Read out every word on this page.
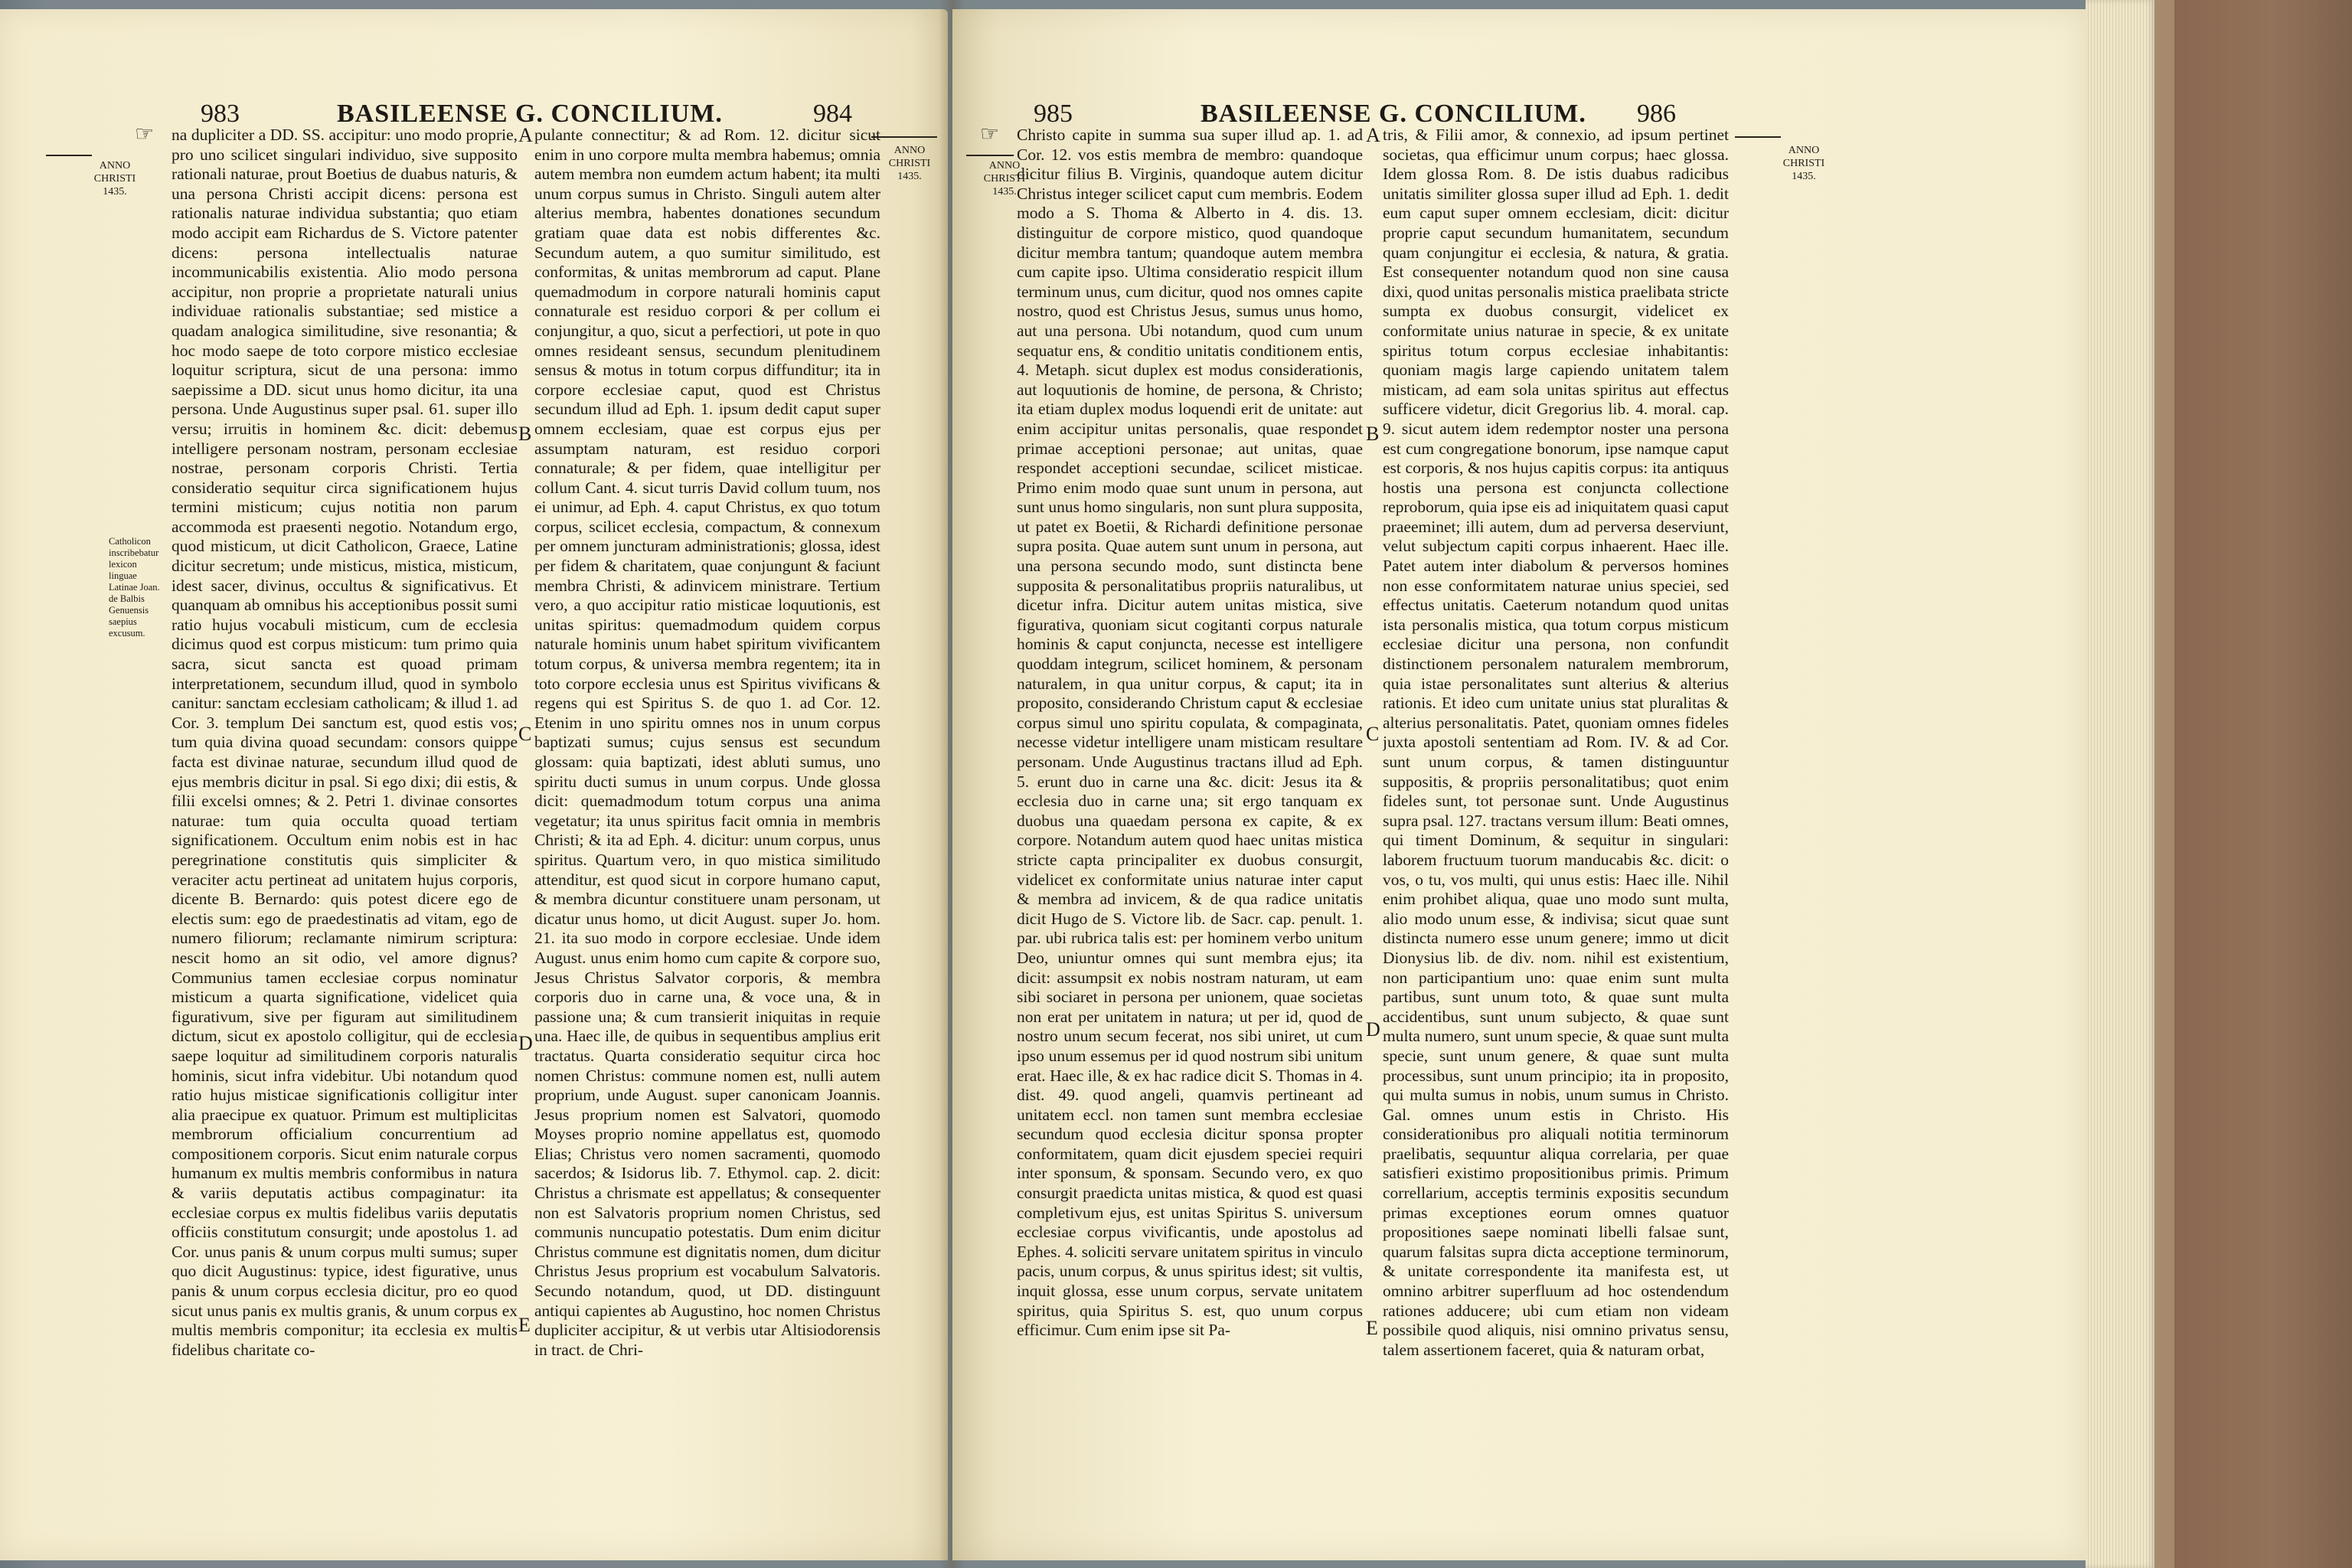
☞
983	984
BASILEENSE G. CONCILIUM.
ANNO CHRISTI 1435.
ANNO CHRISTI 1435.
Catholicon inscribebatur lexicon linguae Latinae Joan. de Balbis Genuensis saepius excusum.
na dupliciter a DD. SS. accipitur: uno modo proprie, pro uno scilicet singulari individuo, sive supposito rationali naturae, prout Boetius de duabus naturis, & una persona Christi accipit dicens: persona est rationalis naturae individua substantia; quo etiam modo accipit eam Richardus de S. Victore patenter dicens: persona intellectualis naturae incommunicabilis existentia. Alio modo persona accipitur, non proprie a proprietate naturali unius individuae rationalis substantiae; sed mistice a quadam analogica similitudine, sive resonantia; & hoc modo saepe de toto corpore mistico ecclesiae loquitur scriptura, sicut de una persona: immo saepissime a DD. sicut unus homo dicitur, ita una persona. Unde Augustinus super psal. 61. super illo versu; irruitis in hominem &c. dicit: debemus intelligere personam nostram, personam ecclesiae nostrae, personam corporis Christi. Tertia consideratio sequitur circa significationem hujus termini misticum; cujus notitia non parum accommoda est praesenti negotio. Notandum ergo, quod misticum, ut dicit Catholicon, Graece, Latine dicitur secretum; unde misticus, mistica, misticum, idest sacer, divinus, occultus & significativus. Et quanquam ab omnibus his acceptionibus possit sumi ratio hujus vocabuli misticum, cum de ecclesia dicimus quod est corpus misticum: tum primo quia sacra, sicut sancta est quoad primam interpretationem, secundum illud, quod in symbolo canitur: sanctam ecclesiam catholicam; & illud 1. ad Cor. 3. templum Dei sanctum est, quod estis vos; tum quia divina quoad secundam: consors quippe facta est divinae naturae, secundum illud quod de ejus membris dicitur in psal. Si ego dixi; dii estis, & filii excelsi omnes; & 2. Petri 1. divinae consortes naturae: tum quia occulta quoad tertiam significationem. Occultum enim nobis est in hac peregrinatione constitutis quis simpliciter & veraciter actu pertineat ad unitatem hujus corporis, dicente B. Bernardo: quis potest dicere ego de electis sum: ego de praedestinatis ad vitam, ego de numero filiorum; reclamante nimirum scriptura: nescit homo an sit odio, vel amore dignus? Communius tamen ecclesiae corpus nominatur misticum a quarta significatione, videlicet quia figurativum, sive per figuram aut similitudinem dictum, sicut ex apostolo colligitur, qui de ecclesia saepe loquitur ad similitudinem corporis naturalis hominis, sicut infra videbitur. Ubi notandum quod ratio hujus misticae significationis colligitur inter alia praecipue ex quatuor. Primum est multiplicitas membrorum officialium concurrentium ad compositionem corporis. Sicut enim naturale corpus humanum ex multis membris conformibus in natura & variis deputatis actibus compaginatur: ita ecclesiae corpus ex multis fidelibus variis deputatis officiis constitutum consurgit; unde apostolus 1. ad Cor. unus panis & unum corpus multi sumus; super quo dicit Augustinus: typice, idest figurative, unus panis & unum corpus ecclesia dicitur, pro eo quod sicut unus panis ex multis granis, & unum corpus ex multis membris componitur; ita ecclesia ex multis fidelibus charitate co-
A
B
C
D
E
pulante connectitur; & ad Rom. 12. dicitur sicut enim in uno corpore multa membra habemus; omnia autem membra non eumdem actum habent; ita multi unum corpus sumus in Christo. Singuli autem alter alterius membra, habentes donationes secundum gratiam quae data est nobis differentes &c. Secundum autem, a quo sumitur similitudo, est conformitas, & unitas membrorum ad caput. Plane quemadmodum in corpore naturali hominis caput connaturale est residuo corpori & per collum ei conjungitur, a quo, sicut a perfectiori, ut pote in quo omnes resideant sensus, secundum plenitudinem sensus & motus in totum corpus diffunditur; ita in corpore ecclesiae caput, quod est Christus secundum illud ad Eph. 1. ipsum dedit caput super omnem ecclesiam, quae est corpus ejus per assumptam naturam, est residuo corpori connaturale; & per fidem, quae intelligitur per collum Cant. 4. sicut turris David collum tuum, nos ei unimur, ad Eph. 4. caput Christus, ex quo totum corpus, scilicet ecclesia, compactum, & connexum per omnem juncturam administrationis; glossa, idest per fidem & charitatem, quae conjungunt & faciunt membra Christi, & adinvicem ministrare. Tertium vero, a quo accipitur ratio misticae loquutionis, est unitas spiritus: quemadmodum quidem corpus naturale hominis unum habet spiritum vivificantem totum corpus, & universa membra regentem; ita in toto corpore ecclesia unus est Spiritus vivificans & regens qui est Spiritus S. de quo 1. ad Cor. 12. Etenim in uno spiritu omnes nos in unum corpus baptizati sumus; cujus sensus est secundum glossam: quia baptizati, idest abluti sumus, uno spiritu ducti sumus in unum corpus. Unde glossa dicit: quemadmodum totum corpus una anima vegetatur; ita unus spiritus facit omnia in membris Christi; & ita ad Eph. 4. dicitur: unum corpus, unus spiritus. Quartum vero, in quo mistica similitudo attenditur, est quod sicut in corpore humano caput, & membra dicuntur constituere unam personam, ut dicatur unus homo, ut dicit August. super Jo. hom. 21. ita suo modo in corpore ecclesiae. Unde idem August. unus enim homo cum capite & corpore suo, Jesus Christus Salvator corporis, & membra corporis duo in carne una, & voce una, & in passione una; & cum transierit iniquitas in requie una. Haec ille, de quibus in sequentibus amplius erit tractatus. Quarta consideratio sequitur circa hoc nomen Christus: commune nomen est, nulli autem proprium, unde August. super canonicam Joannis. Jesus proprium nomen est Salvatori, quomodo Moyses proprio nomine appellatus est, quomodo Elias; Christus vero nomen sacramenti, quomodo sacerdos; & Isidorus lib. 7. Ethymol. cap. 2. dicit: Christus a chrismate est appellatus; & consequenter non est Salvatoris proprium nomen Christus, sed communis nuncupatio potestatis. Dum enim dicitur Christus commune est dignitatis nomen, dum dicitur Christus Jesus proprium est vocabulum Salvatoris. Secundo notandum, quod, ut DD. distinguunt antiqui capientes ab Augustino, hoc nomen Christus dupliciter accipitur, & ut verbis utar Altisiodorensis in tract. de Chri-
☞
985	986
BASILEENSE G. CONCILIUM.
ANNO CHRISTI 1435.
ANNO CHRISTI 1435.
Christo capite in summa sua super illud ap. 1. ad Cor. 12. vos estis membra de membro: quandoque dicitur filius B. Virginis, quandoque autem dicitur Christus integer scilicet caput cum membris. Eodem modo a S. Thoma & Alberto in 4. dis. 13. distinguitur de corpore mistico, quod quandoque dicitur membra tantum; quandoque autem membra cum capite ipso. Ultima consideratio respicit illum terminum unus, cum dicitur, quod nos omnes capite nostro, quod est Christus Jesus, sumus unus homo, aut una persona. Ubi notandum, quod cum unum sequatur ens, & conditio unitatis conditionem entis, 4. Metaph. sicut duplex est modus considerationis, aut loquutionis de homine, de persona, & Christo; ita etiam duplex modus loquendi erit de unitate: aut enim accipitur unitas personalis, quae respondet primae acceptioni personae; aut unitas, quae respondet acceptioni secundae, scilicet misticae. Primo enim modo quae sunt unum in persona, aut sunt unus homo singularis, non sunt plura supposita, ut patet ex Boetii, & Richardi definitione personae supra posita. Quae autem sunt unum in persona, aut una persona secundo modo, sunt distincta bene supposita & personalitatibus propriis naturalibus, ut dicetur infra. Dicitur autem unitas mistica, sive figurativa, quoniam sicut cogitanti corpus naturale hominis & caput conjuncta, necesse est intelligere quoddam integrum, scilicet hominem, & personam naturalem, in qua unitur corpus, & caput; ita in proposito, considerando Christum caput & ecclesiae corpus simul uno spiritu copulata, & compaginata, necesse videtur intelligere unam misticam resultare personam. Unde Augustinus tractans illud ad Eph. 5. erunt duo in carne una &c. dicit: Jesus ita & ecclesia duo in carne una; sit ergo tanquam ex duobus una quaedam persona ex capite, & ex corpore. Notandum autem quod haec unitas mistica stricte capta principaliter ex duobus consurgit, videlicet ex conformitate unius naturae inter caput & membra ad invicem, & de qua radice unitatis dicit Hugo de S. Victore lib. de Sacr. cap. penult. 1. par. ubi rubrica talis est: per hominem verbo unitum Deo, uniuntur omnes qui sunt membra ejus; ita dicit: assumpsit ex nobis nostram naturam, ut eam sibi sociaret in persona per unionem, quae societas non erat per unitatem in natura; ut per id, quod de nostro unum secum fecerat, nos sibi uniret, ut cum ipso unum essemus per id quod nostrum sibi unitum erat. Haec ille, & ex hac radice dicit S. Thomas in 4. dist. 49. quod angeli, quamvis pertineant ad unitatem eccl. non tamen sunt membra ecclesiae secundum quod ecclesia dicitur sponsa propter conformitatem, quam dicit ejusdem speciei requiri inter sponsum, & sponsam. Secundo vero, ex quo consurgit praedicta unitas mistica, & quod est quasi completivum ejus, est unitas Spiritus S. universum ecclesiae corpus vivificantis, unde apostolus ad Ephes. 4. soliciti servare unitatem spiritus in vinculo pacis, unum corpus, & unus spiritus idest; sit vultis, inquit glossa, esse unum corpus, servate unitatem spiritus, quia Spiritus S. est, quo unum corpus efficimur. Cum enim ipse sit Pa-
A
B
C
D
E
tris, & Filii amor, & connexio, ad ipsum pertinet societas, qua efficimur unum corpus; haec glossa. Idem glossa Rom. 8. De istis duabus radicibus unitatis similiter glossa super illud ad Eph. 1. dedit eum caput super omnem ecclesiam, dicit: dicitur proprie caput secundum humanitatem, secundum quam conjungitur ei ecclesia, & natura, & gratia. Est consequenter notandum quod non sine causa dixi, quod unitas personalis mistica praelibata stricte sumpta ex duobus consurgit, videlicet ex conformitate unius naturae in specie, & ex unitate spiritus totum corpus ecclesiae inhabitantis: quoniam magis large capiendo unitatem talem misticam, ad eam sola unitas spiritus aut effectus sufficere videtur, dicit Gregorius lib. 4. moral. cap. 9. sicut autem idem redemptor noster una persona est cum congregatione bonorum, ipse namque caput est corporis, & nos hujus capitis corpus: ita antiquus hostis una persona est conjuncta collectione reproborum, quia ipse eis ad iniquitatem quasi caput praeeminet; illi autem, dum ad perversa deserviunt, velut subjectum capiti corpus inhaerent. Haec ille. Patet autem inter diabolum & perversos homines non esse conformitatem naturae unius speciei, sed effectus unitatis. Caeterum notandum quod unitas ista personalis mistica, qua totum corpus misticum ecclesiae dicitur una persona, non confundit distinctionem personalem naturalem membrorum, quia istae personalitates sunt alterius & alterius rationis. Et ideo cum unitate unius stat pluralitas & alterius personalitatis. Patet, quoniam omnes fideles juxta apostoli sententiam ad Rom. IV. & ad Cor. sunt unum corpus, & tamen distinguuntur suppositis, & propriis personalitatibus; quot enim fideles sunt, tot personae sunt. Unde Augustinus supra psal. 127. tractans versum illum: Beati omnes, qui timent Dominum, & sequitur in singulari: laborem fructuum tuorum manducabis &c. dicit: o vos, o tu, vos multi, qui unus estis: Haec ille. Nihil enim prohibet aliqua, quae uno modo sunt multa, alio modo unum esse, & indivisa; sicut quae sunt distincta numero esse unum genere; immo ut dicit Dionysius lib. de div. nom. nihil est existentium, non participantium uno: quae enim sunt multa partibus, sunt unum toto, & quae sunt multa accidentibus, sunt unum subjecto, & quae sunt multa numero, sunt unum specie, & quae sunt multa specie, sunt unum genere, & quae sunt multa processibus, sunt unum principio; ita in proposito, qui multa sumus in nobis, unum sumus in Christo. Gal. omnes unum estis in Christo. His considerationibus pro aliquali notitia terminorum praelibatis, sequuntur aliqua correlaria, per quae satisfieri existimo propositionibus primis. Primum correllarium, acceptis terminis expositis secundum primas exceptiones eorum omnes quatuor propositiones saepe nominati libelli falsae sunt, quarum falsitas supra dicta acceptione terminorum, & unitate correspondente ita manifesta est, ut omnino arbitrer superfluum ad hoc ostendendum rationes adducere; ubi cum etiam non videam possibile quod aliquis, nisi omnino privatus sensu, talem assertionem faceret, quia & naturam orbat,
